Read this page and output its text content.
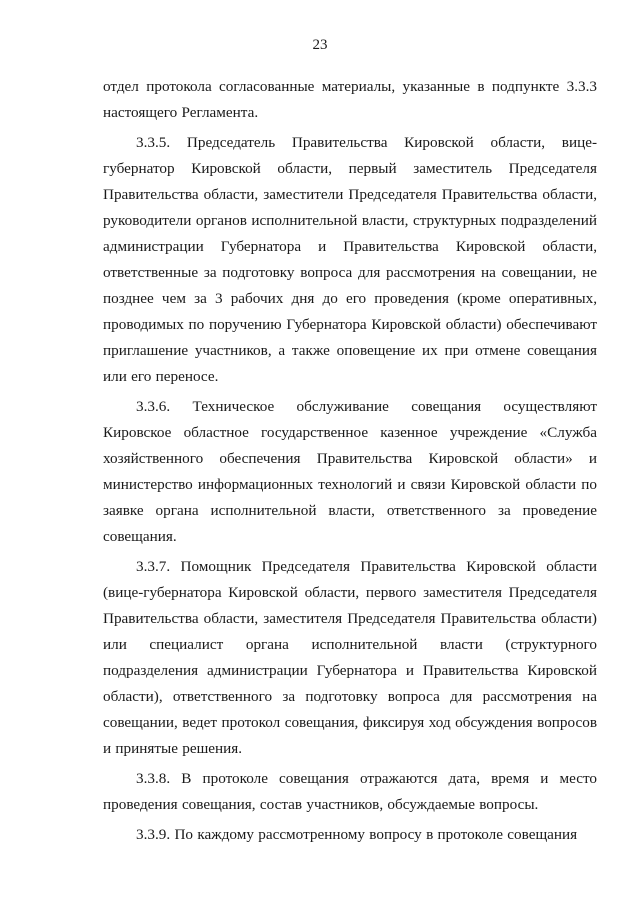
23

отдел протокола согласованные материалы, указанные в подпункте 3.3.3 настоящего Регламента.

3.3.5. Председатель Правительства Кировской области, вице-губернатор Кировской области, первый заместитель Председателя Правительства области, заместители Председателя Правительства области, руководители органов исполнительной власти, структурных подразделений администрации Губернатора и Правительства Кировской области, ответственные за подготовку вопроса для рассмотрения на совещании, не позднее чем за 3 рабочих дня до его проведения (кроме оперативных, проводимых по поручению Губернатора Кировской области) обеспечивают приглашение участников, а также оповещение их при отмене совещания или его переносе.

3.3.6. Техническое обслуживание совещания осуществляют Кировское областное государственное казенное учреждение «Служба хозяйственного обеспечения Правительства Кировской области» и министерство информационных технологий и связи Кировской области по заявке органа исполнительной власти, ответственного за проведение совещания.

3.3.7. Помощник Председателя Правительства Кировской области (вице-губернатора Кировской области, первого заместителя Председателя Правительства области, заместителя Председателя Правительства области) или специалист органа исполнительной власти (структурного подразделения администрации Губернатора и Правительства Кировской области), ответственного за подготовку вопроса для рассмотрения на совещании, ведет протокол совещания, фиксируя ход обсуждения вопросов и принятые решения.

3.3.8. В протоколе совещания отражаются дата, время и место проведения совещания, состав участников, обсуждаемые вопросы.

3.3.9. По каждому рассмотренному вопросу в протоколе совещания
